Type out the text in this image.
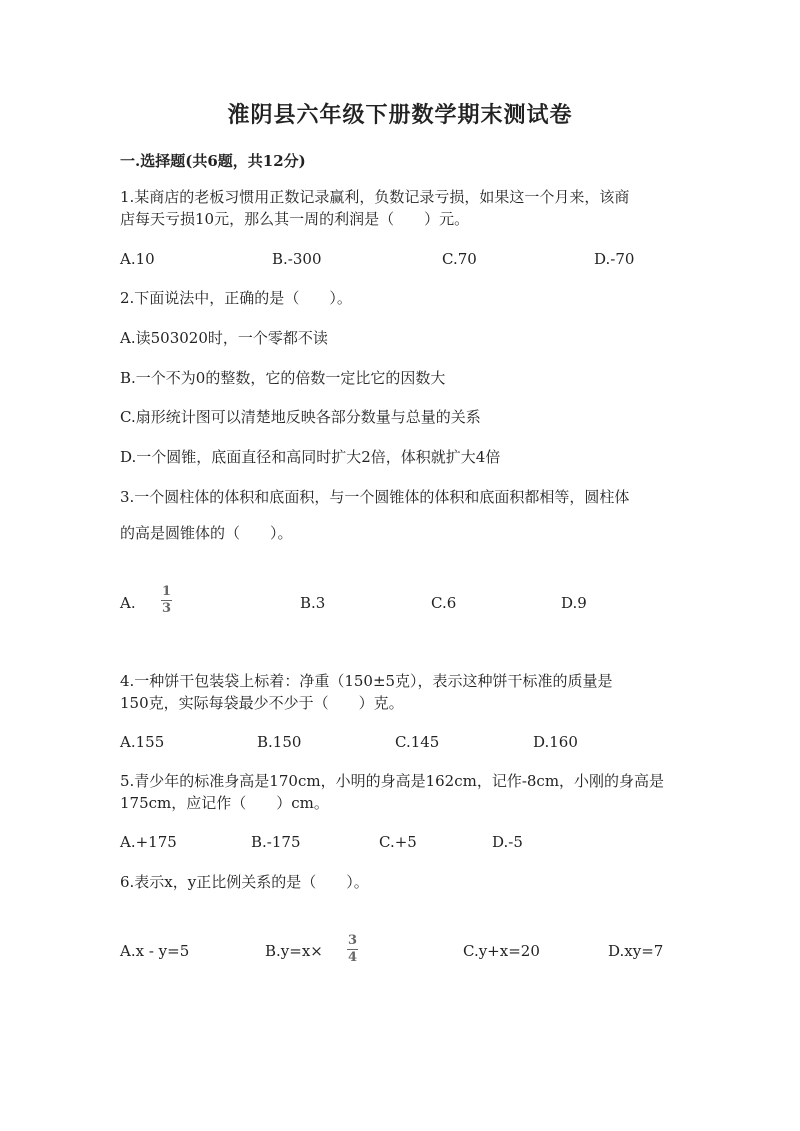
淮阴县六年级下册数学期末测试卷
一.选择题(共6题，共12分)
1.某商店的老板习惯用正数记录赢利，负数记录亏损，如果这一个月来，该商
店每天亏损10元，那么其一周的利润是（　　）元。
A.10	B.-300	C.70	D.-70
2.下面说法中，正确的是（　　）。
A.读503020时，一个零都不读
B.一个不为0的整数，它的倍数一定比它的因数大
C.扇形统计图可以清楚地反映各部分数量与总量的关系
D.一个圆锥，底面直径和高同时扩大2倍，体积就扩大4倍
3.一个圆柱体的体积和底面积，与一个圆锥体的体积和底面积都相等，圆柱体
的高是圆锥体的（　　）。
A.
1
3	B.3	C.6	D.9
4.一种饼干包装袋上标着：净重（150±5克），表示这种饼干标准的质量是
150克，实际每袋最少不少于（　　）克。
A.155	B.150	C.145	D.160
5.青少年的标准身高是170cm，小明的身高是162cm，记作-8cm，小刚的身高是
175cm，应记作（　　）cm。
A.+175	B.-175	C.+5	D.-5
6.表示x，y正比例关系的是（　　）。
A.x - y=5	B.y=x×
3
4	C.y+x=20	D.xy=7
